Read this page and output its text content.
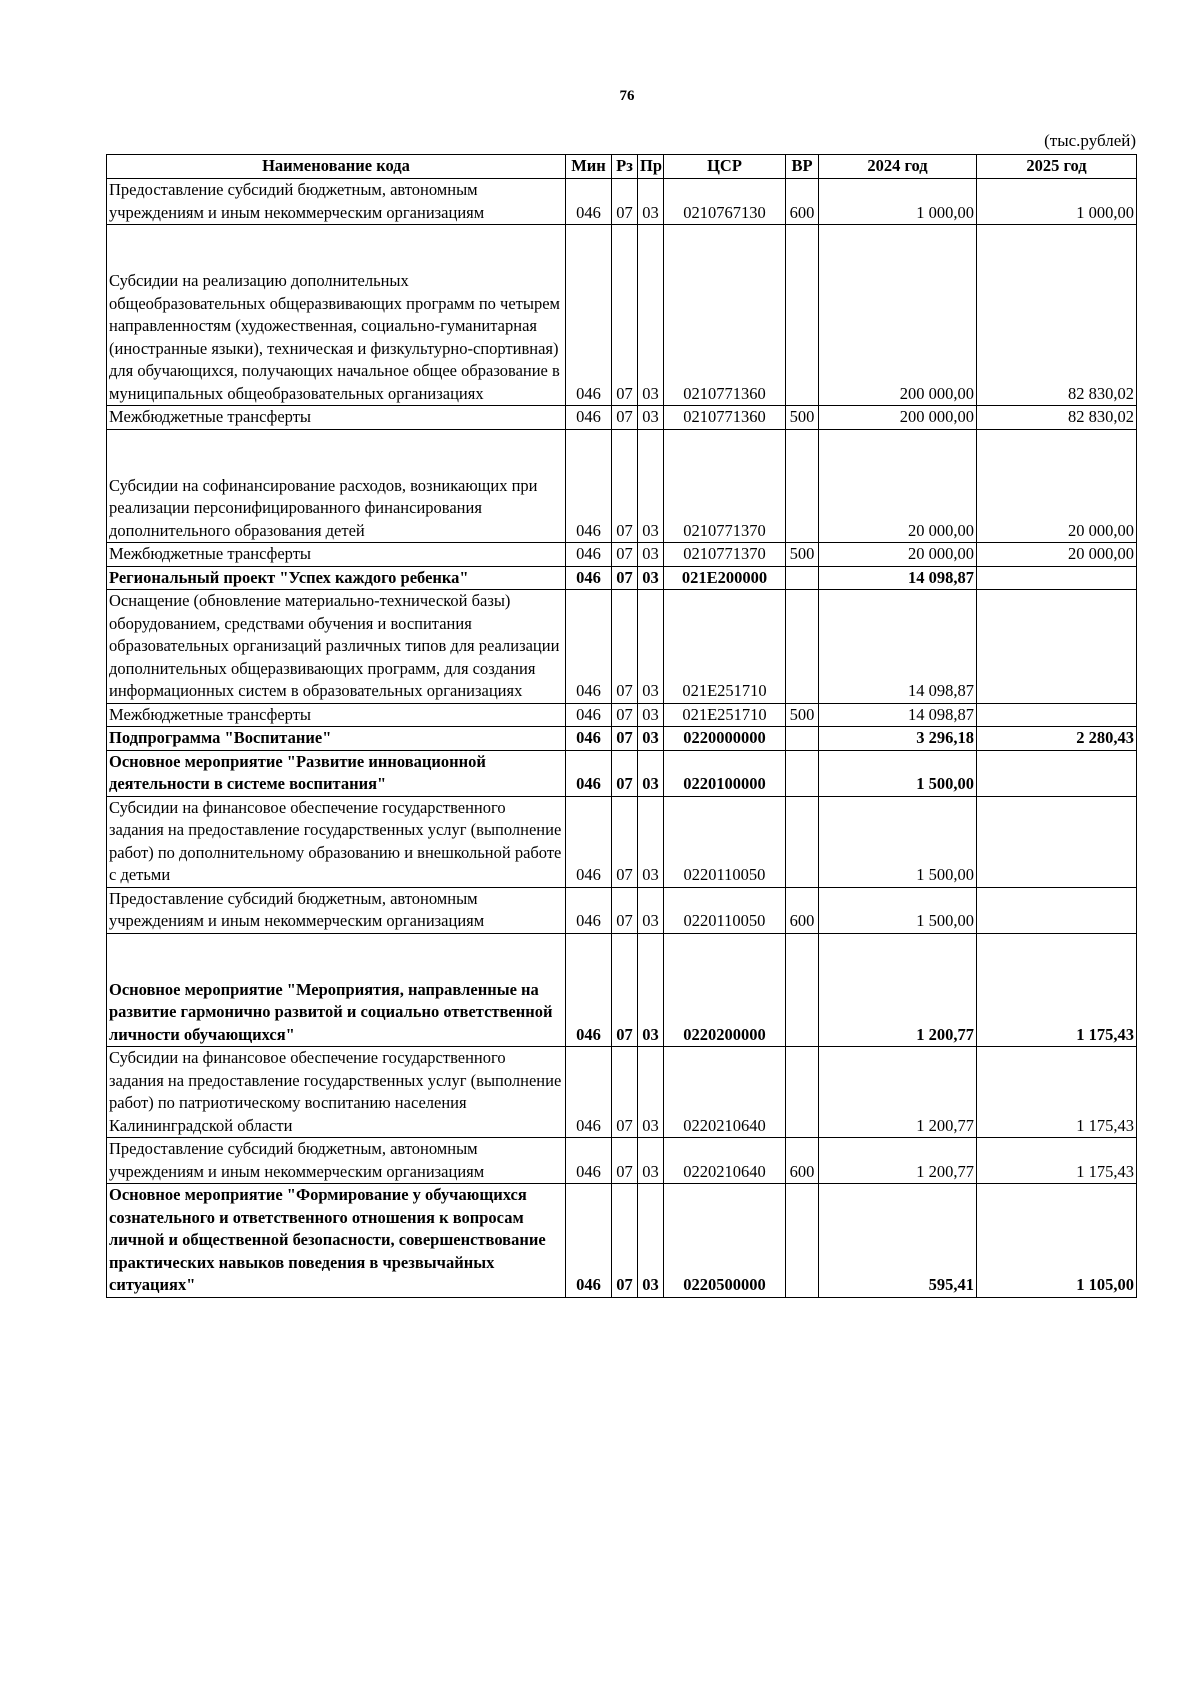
76
(тыс.рублей)
Наименование кода	Мин	Рз	Пр	ЦСР	ВР	2024 год	2025 год
Предоставление субсидий бюджетным, автономным учреждениям и иным некоммерческим организациям	046	07	03	0210767130	600	1 000,00	1 000,00

Субсидии на реализацию дополнительных общеобразовательных общеразвивающих программ по четырем направленностям (художественная, социально-гуманитарная (иностранные языки), техническая и физкультурно-спортивная) для обучающихся, получающих начальное общее образование в муниципальных общеобразовательных организациях	046	07	03	0210771360		200 000,00	82 830,02
Межбюджетные трансферты	046	07	03	0210771360	500	200 000,00	82 830,02

Субсидии на софинансирование расходов, возникающих при реализации персонифицированного финансирования дополнительного образования детей	046	07	03	0210771370		20 000,00	20 000,00
Межбюджетные трансферты	046	07	03	0210771370	500	20 000,00	20 000,00
Региональный проект "Успех каждого ребенка"	046	07	03	021E200000		14 098,87	
Оснащение (обновление материально-технической базы) оборудованием, средствами обучения и воспитания образовательных организаций различных типов для реализации дополнительных общеразвивающих программ, для создания информационных систем в образовательных организациях	046	07	03	021E251710		14 098,87	
Межбюджетные трансферты	046	07	03	021E251710	500	14 098,87	
Подпрограмма "Воспитание"	046	07	03	0220000000		3 296,18	2 280,43
Основное мероприятие "Развитие инновационной деятельности в системе воспитания"	046	07	03	0220100000		1 500,00	
Субсидии на финансовое обеспечение государственного задания на предоставление государственных услуг (выполнение работ) по дополнительному образованию и внешкольной работе с детьми	046	07	03	0220110050		1 500,00	
Предоставление субсидий бюджетным, автономным учреждениям и иным некоммерческим организациям	046	07	03	0220110050	600	1 500,00	

Основное мероприятие "Мероприятия, направленные на развитие гармонично развитой и социально ответственной личности обучающихся"	046	07	03	0220200000		1 200,77	1 175,43
Субсидии на финансовое обеспечение государственного задания на предоставление государственных услуг (выполнение работ) по патриотическому воспитанию населения Калининградской области	046	07	03	0220210640		1 200,77	1 175,43
Предоставление субсидий бюджетным, автономным учреждениям и иным некоммерческим организациям	046	07	03	0220210640	600	1 200,77	1 175,43
Основное мероприятие "Формирование у обучающихся сознательного и ответственного отношения к вопросам личной и общественной безопасности, совершенствование практических навыков поведения в чрезвычайных ситуациях"	046	07	03	0220500000		595,41	1 105,00
